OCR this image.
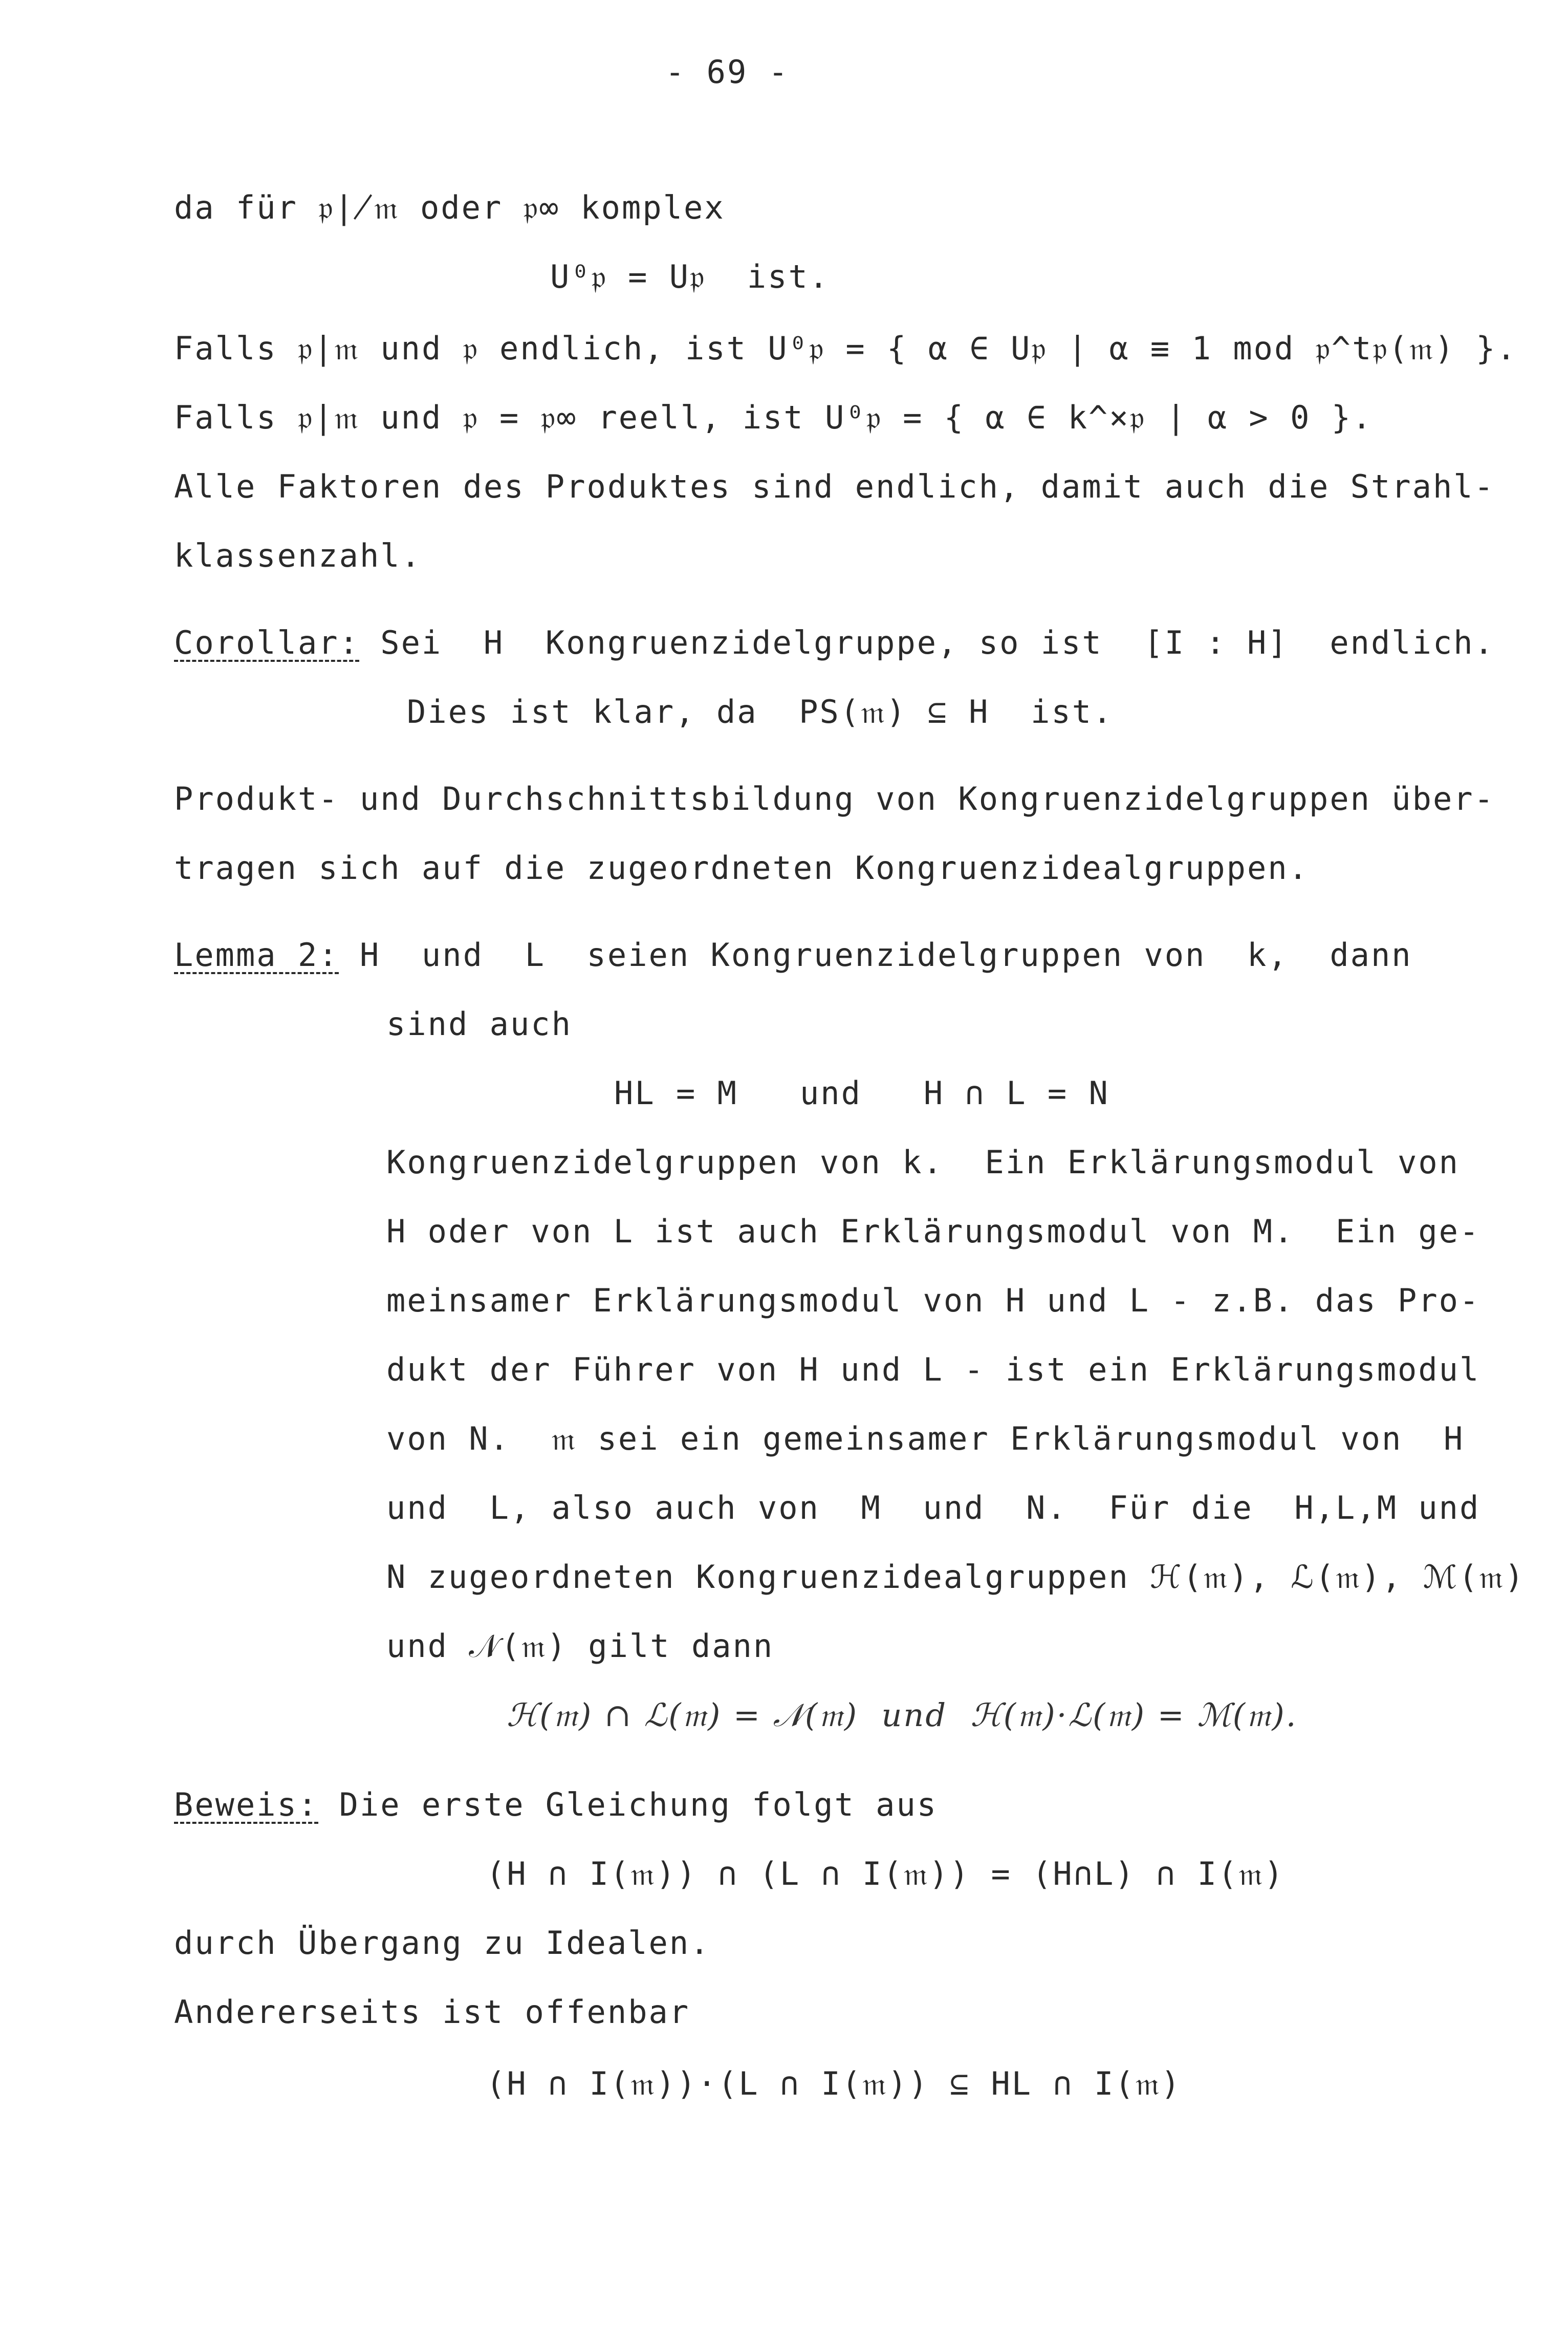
- 69 -
da für 𝔭∤𝔪 oder 𝔭∞ komplex
U⁰𝔭 = U𝔭  ist.
Falls 𝔭|𝔪 und 𝔭 endlich, ist U⁰𝔭 = { α ∈ U𝔭 | α ≡ 1 mod 𝔭^t𝔭(𝔪) }.
Falls 𝔭|𝔪 und 𝔭 = 𝔭∞ reell, ist U⁰𝔭 = { α ∈ k^×𝔭 | α > 0 }.
Alle Faktoren des Produktes sind endlich, damit auch die Strahl-
klassenzahl.
Corollar: Sei  H  Kongruenzidelgruppe, so ist  [I : H]  endlich.
Dies ist klar, da  PS(𝔪) ⊆ H  ist.
Produkt- und Durchschnittsbildung von Kongruenzidelgruppen über-
tragen sich auf die zugeordneten Kongruenzidealgruppen.
Lemma 2: H  und  L  seien Kongruenzidelgruppen von  k,  dann
sind auch
HL = M   und   H ∩ L = N
Kongruenzidelgruppen von k.  Ein Erklärungsmodul von
H oder von L ist auch Erklärungsmodul von M.  Ein ge-
meinsamer Erklärungsmodul von H und L - z.B. das Pro-
dukt der Führer von H und L - ist ein Erklärungsmodul
von N.  𝔪 sei ein gemeinsamer Erklärungsmodul von  H
und  L, also auch von  M  und  N.  Für die  H,L,M und
N zugeordneten Kongruenzidealgruppen ℋ(𝔪), ℒ(𝔪), ℳ(𝔪)
und 𝒩(𝔪) gilt dann
ℋ(𝔪) ∩ ℒ(𝔪) = 𝒩(𝔪)  und  ℋ(𝔪)·ℒ(𝔪) = ℳ(𝔪).
Beweis: Die erste Gleichung folgt aus
(H ∩ I(𝔪)) ∩ (L ∩ I(𝔪)) = (H∩L) ∩ I(𝔪)
durch Übergang zu Idealen.
Andererseits ist offenbar
(H ∩ I(𝔪))·(L ∩ I(𝔪)) ⊆ HL ∩ I(𝔪)
